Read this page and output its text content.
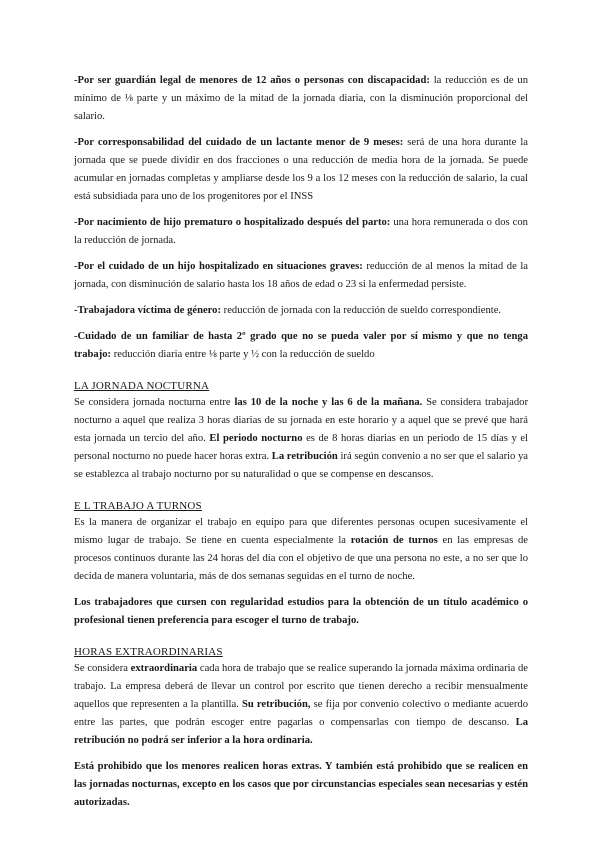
-Por ser guardián legal de menores de 12 años o personas con discapacidad: la reducción es de un mínimo de ⅛ parte y un máximo de la mitad de la jornada diaria, con la disminución proporcional del salario.

-Por corresponsabilidad del cuidado de un lactante menor de 9 meses: será de una hora durante la jornada que se puede dividir en dos fracciones o una reducción de media hora de la jornada. Se puede acumular en jornadas completas y ampliarse desde los 9 a los 12 meses con la reducción de salario, la cual está subsidiada para uno de los progenitores por el INSS

-Por nacimiento de hijo prematuro o hospitalizado después del parto: una hora remunerada o dos con la reducción de jornada.

-Por el cuidado de un hijo hospitalizado en situaciones graves: reducción de al menos la mitad de la jornada, con disminución de salario hasta los 18 años de edad o 23 si la enfermedad persiste.

-Trabajadora víctima de género: reducción de jornada con la reducción de sueldo correspondiente.

-Cuidado de un familiar de hasta 2º grado que no se pueda valer por sí mismo y que no tenga trabajo: reducción diaria entre ⅛ parte y ½ con la reducción de sueldo

LA JORNADA NOCTURNA

Se considera jornada nocturna entre las 10 de la noche y las 6 de la mañana. Se considera trabajador nocturno a aquel que realiza 3 horas diarias de su jornada en este horario y a aquel que se prevé que hará esta jornada un tercio del año. El periodo nocturno es de 8 horas diarias en un periodo de 15 días y el personal nocturno no puede hacer horas extra. La retribución irá según convenio a no ser que el salario ya se establezca al trabajo nocturno por su naturalidad o que se compense en descansos.

E L TRABAJO A TURNOS

Es la manera de organizar el trabajo en equipo para que diferentes personas ocupen sucesivamente el mismo lugar de trabajo. Se tiene en cuenta especialmente la rotación de turnos en las empresas de procesos continuos durante las 24 horas del día con el objetivo de que una persona no este, a no ser que lo decida de manera voluntaria, más de dos semanas seguidas en el turno de noche.

Los trabajadores que cursen con regularidad estudios para la obtención de un título académico o profesional tienen preferencia para escoger el turno de trabajo.

HORAS EXTRAORDINARIAS

Se considera extraordinaria cada hora de trabajo que se realice superando la jornada máxima ordinaria de trabajo. La empresa deberá de llevar un control por escrito que tienen derecho a recibir mensualmente aquellos que representen a la plantilla. Su retribución, se fija por convenio colectivo o mediante acuerdo entre las partes, que podrán escoger entre pagarlas o compensarlas con tiempo de descanso. La retribución no podrá ser inferior a la hora ordinaria.

Está prohibido que los menores realicen horas extras. Y también está prohibido que se realicen en las jornadas nocturnas, excepto en los casos que por circunstancias especiales sean necesarias y estén autorizadas.
